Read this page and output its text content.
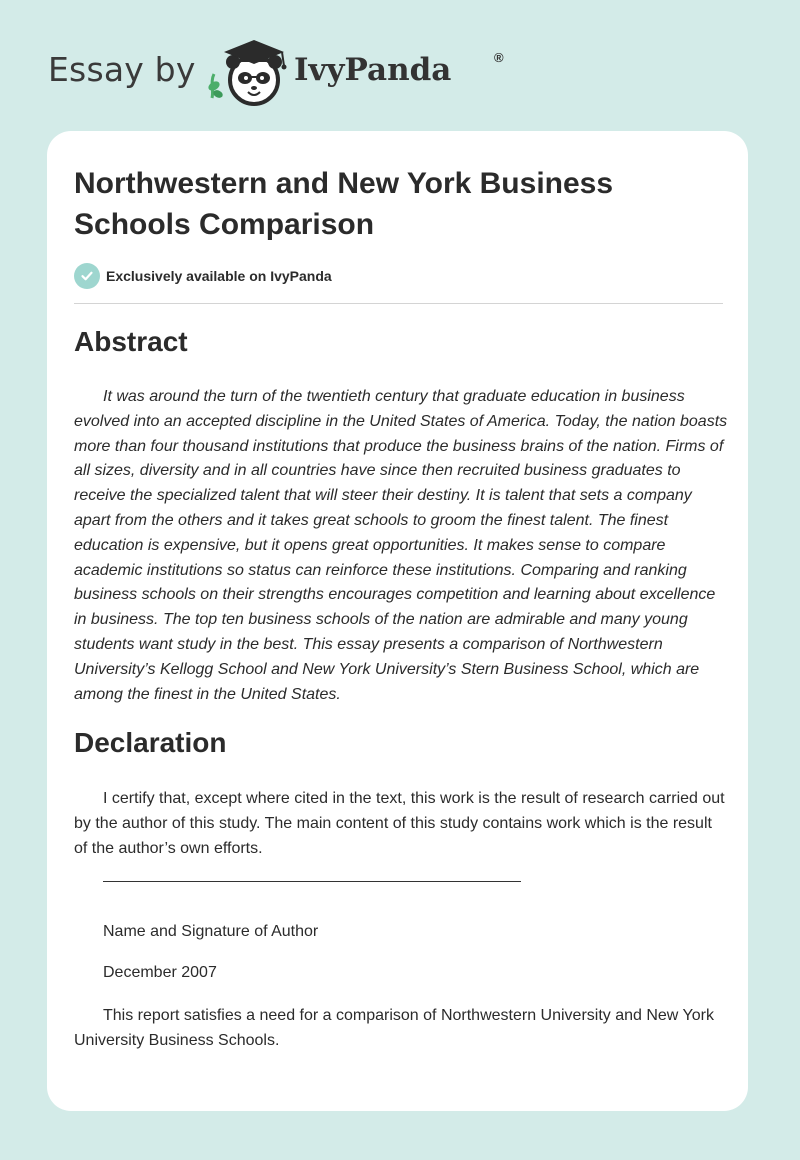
Essay by	IvyPanda	®
Northwestern and New York Business Schools Comparison
Exclusively available on IvyPanda
Abstract

It was around the turn of the twentieth century that graduate education in business evolved into an accepted discipline in the United States of America. Today, the nation boasts more than four thousand institutions that produce the business brains of the nation. Firms of all sizes, diversity and in all countries have since then recruited business graduates to receive the specialized talent that will steer their destiny. It is talent that sets a company apart from the others and it takes great schools to groom the finest talent. The finest education is expensive, but it opens great opportunities. It makes sense to compare academic institutions so status can reinforce these institutions. Comparing and ranking business schools on their strengths encourages competition and learning about excellence in business. The top ten business schools of the nation are admirable and many young students want study in the best. This essay presents a comparison of Northwestern University’s Kellogg School and New York University’s Stern Business School, which are among the finest in the United States.

Declaration

I certify that, except where cited in the text, this work is the result of research carried out by the author of this study. The main content of this study contains work which is the result of the author’s own efforts.

Name and Signature of Author
December 2007

This report satisfies a need for a comparison of Northwestern University and New York University Business Schools.
